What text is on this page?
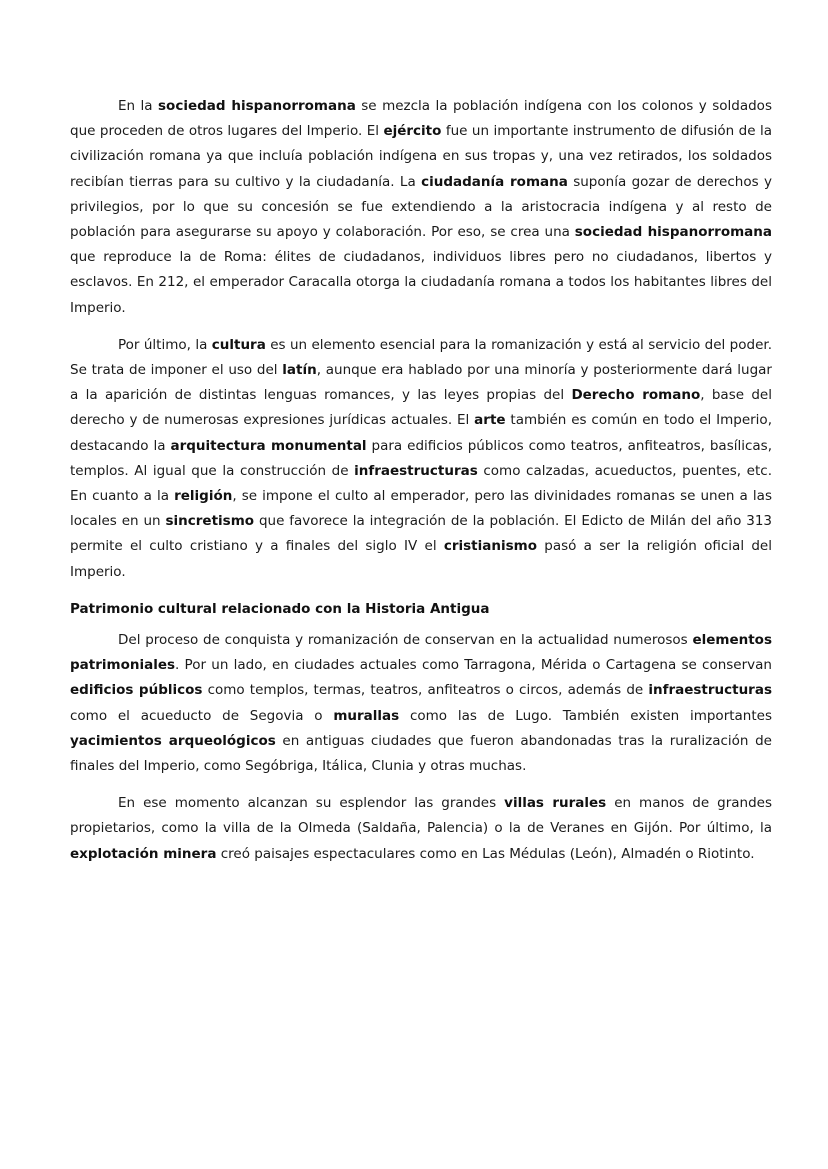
En la sociedad hispanorromana se mezcla la población indígena con los colonos y soldados que proceden de otros lugares del Imperio. El ejército fue un importante instrumento de difusión de la civilización romana ya que incluía población indígena en sus tropas y, una vez retirados, los soldados recibían tierras para su cultivo y la ciudadanía. La ciudadanía romana suponía gozar de derechos y privilegios, por lo que su concesión se fue extendiendo a la aristocracia indígena y al resto de población para asegurarse su apoyo y colaboración. Por eso, se crea una sociedad hispanorromana que reproduce la de Roma: élites de ciudadanos, individuos libres pero no ciudadanos, libertos y esclavos. En 212, el emperador Caracalla otorga la ciudadanía romana a todos los habitantes libres del Imperio.

Por último, la cultura es un elemento esencial para la romanización y está al servicio del poder. Se trata de imponer el uso del latín, aunque era hablado por una minoría y posteriormente dará lugar a la aparición de distintas lenguas romances, y las leyes propias del Derecho romano, base del derecho y de numerosas expresiones jurídicas actuales. El arte también es común en todo el Imperio, destacando la arquitectura monumental para edificios públicos como teatros, anfiteatros, basílicas, templos. Al igual que la construcción de infraestructuras como calzadas, acueductos, puentes, etc. En cuanto a la religión, se impone el culto al emperador, pero las divinidades romanas se unen a las locales en un sincretismo que favorece la integración de la población. El Edicto de Milán del año 313 permite el culto cristiano y a finales del siglo IV el cristianismo pasó a ser la religión oficial del Imperio.

Patrimonio cultural relacionado con la Historia Antigua

Del proceso de conquista y romanización de conservan en la actualidad numerosos elementos patrimoniales. Por un lado, en ciudades actuales como Tarragona, Mérida o Cartagena se conservan edificios públicos como templos, termas, teatros, anfiteatros o circos, además de infraestructuras como el acueducto de Segovia o murallas como las de Lugo. También existen importantes yacimientos arqueológicos en antiguas ciudades que fueron abandonadas tras la ruralización de finales del Imperio, como Segóbriga, Itálica, Clunia y otras muchas.

En ese momento alcanzan su esplendor las grandes villas rurales en manos de grandes propietarios, como la villa de la Olmeda (Saldaña, Palencia) o la de Veranes en Gijón. Por último, la explotación minera creó paisajes espectaculares como en Las Médulas (León), Almadén o Riotinto.
